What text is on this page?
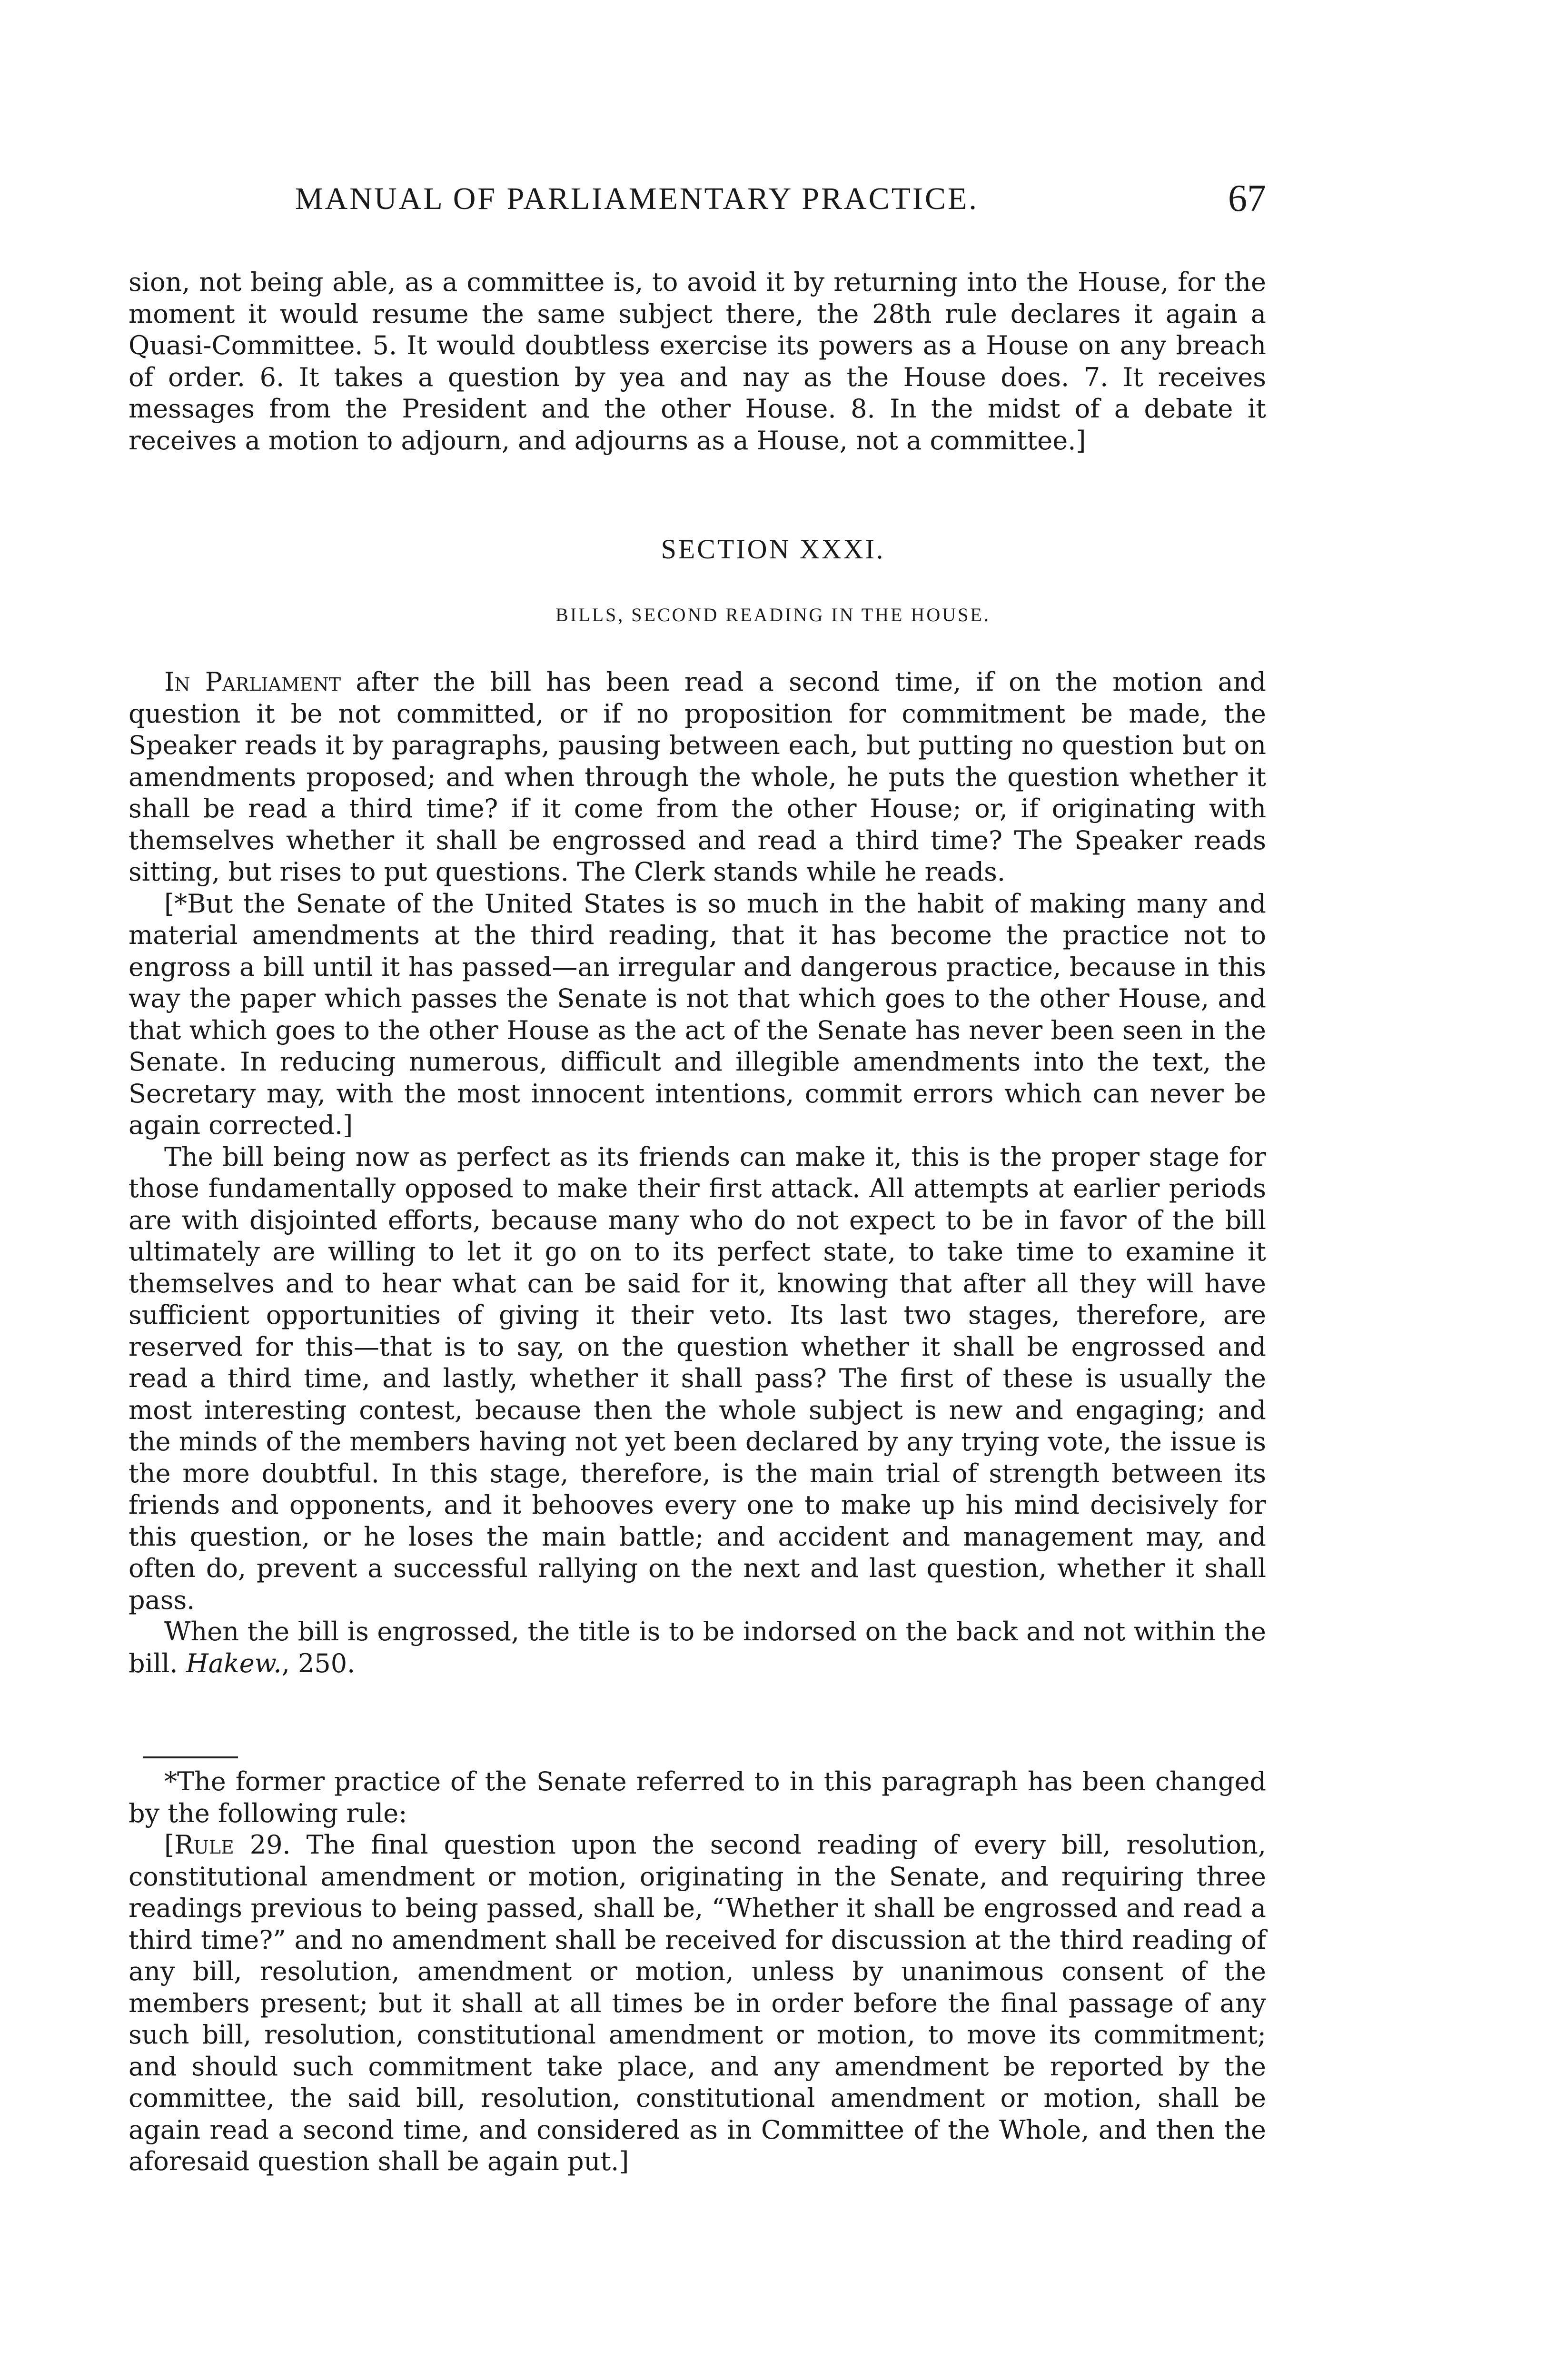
MANUAL OF PARLIAMENTARY PRACTICE.	67

sion, not being able, as a committee is, to avoid it by returning into the House, for the moment it would resume the same subject there, the 28th rule declares it again a Quasi-Committee. 5. It would doubtless exercise its powers as a House on any breach of order. 6. It takes a question by yea and nay as the House does. 7. It receives messages from the President and the other House. 8. In the midst of a debate it receives a motion to adjourn, and adjourns as a House, not a committee.]

SECTION XXXI.
BILLS, SECOND READING IN THE HOUSE.

In Parliament after the bill has been read a second time, if on the motion and question it be not committed, or if no proposition for commitment be made, the Speaker reads it by paragraphs, pausing between each, but putting no question but on amendments proposed; and when through the whole, he puts the question whether it shall be read a third time? if it come from the other House; or, if originating with themselves whether it shall be engrossed and read a third time? The Speaker reads sitting, but rises to put questions. The Clerk stands while he reads.

[*But the Senate of the United States is so much in the habit of making many and material amendments at the third reading, that it has become the practice not to engross a bill until it has passed—an irregular and dangerous practice, because in this way the paper which passes the Senate is not that which goes to the other House, and that which goes to the other House as the act of the Senate has never been seen in the Senate. In reducing numerous, difficult and illegible amendments into the text, the Secretary may, with the most innocent intentions, commit errors which can never be again corrected.]

The bill being now as perfect as its friends can make it, this is the proper stage for those fundamentally opposed to make their first attack. All attempts at earlier periods are with disjointed efforts, because many who do not expect to be in favor of the bill ultimately are willing to let it go on to its perfect state, to take time to examine it themselves and to hear what can be said for it, knowing that after all they will have sufficient opportunities of giving it their veto. Its last two stages, therefore, are reserved for this—that is to say, on the question whether it shall be engrossed and read a third time, and lastly, whether it shall pass? The first of these is usually the most interesting contest, because then the whole subject is new and engaging; and the minds of the members having not yet been declared by any trying vote, the issue is the more doubtful. In this stage, therefore, is the main trial of strength between its friends and opponents, and it behooves every one to make up his mind decisively for this question, or he loses the main battle; and accident and management may, and often do, prevent a successful rallying on the next and last question, whether it shall pass.

When the bill is engrossed, the title is to be indorsed on the back and not within the bill. Hakew., 250.

*The former practice of the Senate referred to in this paragraph has been changed by the following rule:

[Rule 29. The final question upon the second reading of every bill, resolution, constitutional amendment or motion, originating in the Senate, and requiring three readings previous to being passed, shall be, “Whether it shall be engrossed and read a third time?” and no amendment shall be received for discussion at the third reading of any bill, resolution, amendment or motion, unless by unanimous consent of the members present; but it shall at all times be in order before the final passage of any such bill, resolution, constitutional amendment or motion, to move its commitment; and should such commitment take place, and any amendment be reported by the committee, the said bill, resolution, constitutional amendment or motion, shall be again read a second time, and considered as in Committee of the Whole, and then the aforesaid question shall be again put.]
